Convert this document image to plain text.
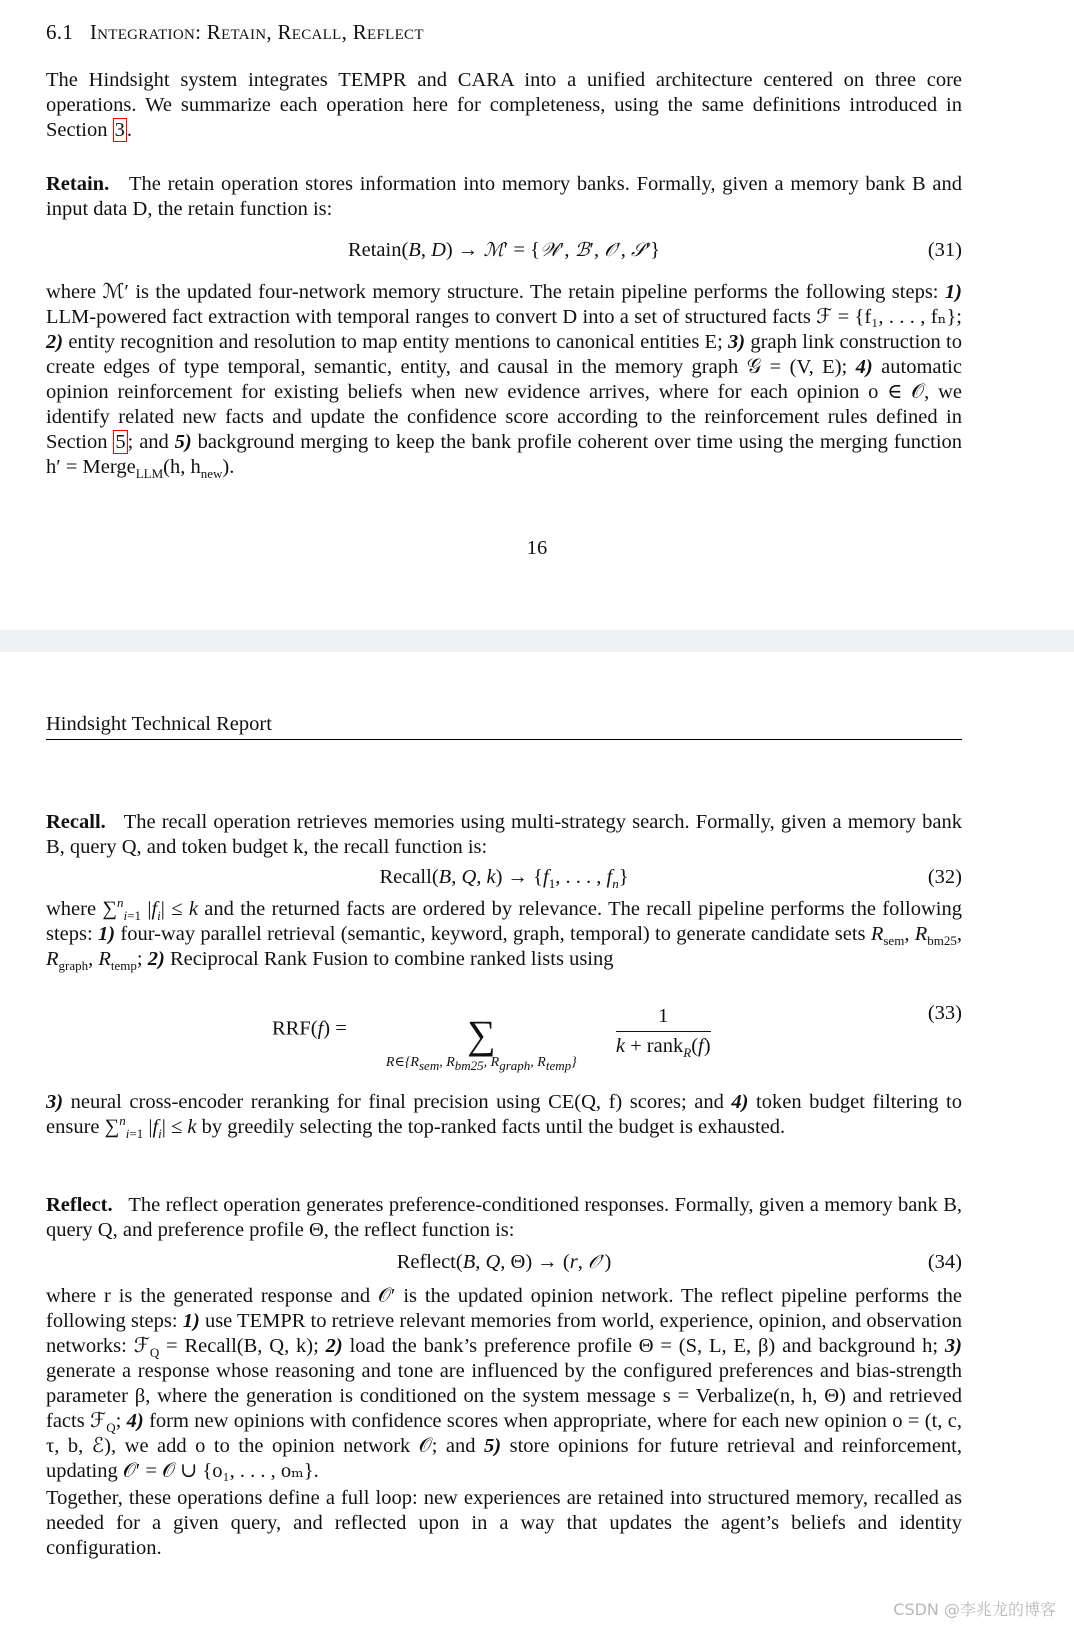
6.1 Integration: Retain, Recall, Reflect

The Hindsight system integrates TEMPR and CARA into a unified architecture centered on three core operations. We summarize each operation here for completeness, using the same definitions introduced in Section 3.

Retain. The retain operation stores information into memory banks. Formally, given a memory bank B and input data D, the retain function is:

Retain(B, D) → ℳ′ = {𝒲′, ℬ′, 𝒪′, 𝒮′}	(31)

where ℳ′ is the updated four-network memory structure. The retain pipeline performs the following steps: 1) LLM-powered fact extraction with temporal ranges to convert D into a set of structured facts ℱ = {f₁, . . . , fₙ}; 2) entity recognition and resolution to map entity mentions to canonical entities E; 3) graph link construction to create edges of type temporal, semantic, entity, and causal in the memory graph 𝒢 = (V, E); 4) automatic opinion reinforcement for existing beliefs when new evidence arrives, where for each opinion o ∈ 𝒪, we identify related new facts and update the confidence score according to the reinforcement rules defined in Section 5; and 5) background merging to keep the bank profile coherent over time using the merging function h′ = Merge$_{LLM}$(h, $h_{new}$).

16
Hindsight Technical Report

Recall. The recall operation retrieves memories using multi-strategy search. Formally, given a memory bank B, query Q, and token budget k, the recall function is:

Recall(B, Q, $k) \to \{f_1$, . . . , $f_n$}	(32)

where ∑$^n_{i=1}$ $|f_i| \le k$ and the returned facts are ordered by relevance. The recall pipeline performs the following steps: 1) four-way parallel retrieval (semantic, keyword, graph, temporal) to generate candidate sets $R_{sem}$, $R_{bm25}$, $R_{graph}$, $R_{temp}$; 2) Reciprocal Rank Fusion to combine ranked lists using

RRF(f) =	∑
$R\in\{R_{sem}$, $R_{bm25}$, $R_{graph}$, $R_{temp}$}

$\frac{1}{k + rank_R(f)}$	(33)

3) neural cross-encoder reranking for final precision using CE(Q, f) scores; and 4) token budget filtering to ensure ∑$^n_{i=1}$ $|f_i| \le k$ by greedily selecting the top-ranked facts until the budget is exhausted.

Reflect. The reflect operation generates preference-conditioned responses. Formally, given a memory bank B, query Q, and preference profile Θ, the reflect function is:

Reflect(B, Q, Θ) → (r, 𝒪′)	(34)

where r is the generated response and 𝒪′ is the updated opinion network. The reflect pipeline performs the following steps: 1) use TEMPR to retrieve relevant memories from world, experience, opinion, and observation networks: ℱ$_Q$ = Recall(B, Q, k); 2) load the bank’s preference profile Θ = (S, L, E, β) and background h; 3) generate a response whose reasoning and tone are influenced by the configured preferences and bias-strength parameter β, where the generation is conditioned on the system message s = Verbalize(n, h, Θ) and retrieved facts ℱ$_Q$; 4) form new opinions with confidence scores when appropriate, where for each new opinion o = (t, c, τ, b, ℰ), we add o to the opinion network 𝒪; and 5) store opinions for future retrieval and reinforcement, updating 𝒪′ = 𝒪 ∪ {o₁, . . . , oₘ}.

Together, these operations define a full loop: new experiences are retained into structured memory, recalled as needed for a given query, and reflected upon in a way that updates the agent’s beliefs and identity configuration.

CSDN @李兆龙的博客
